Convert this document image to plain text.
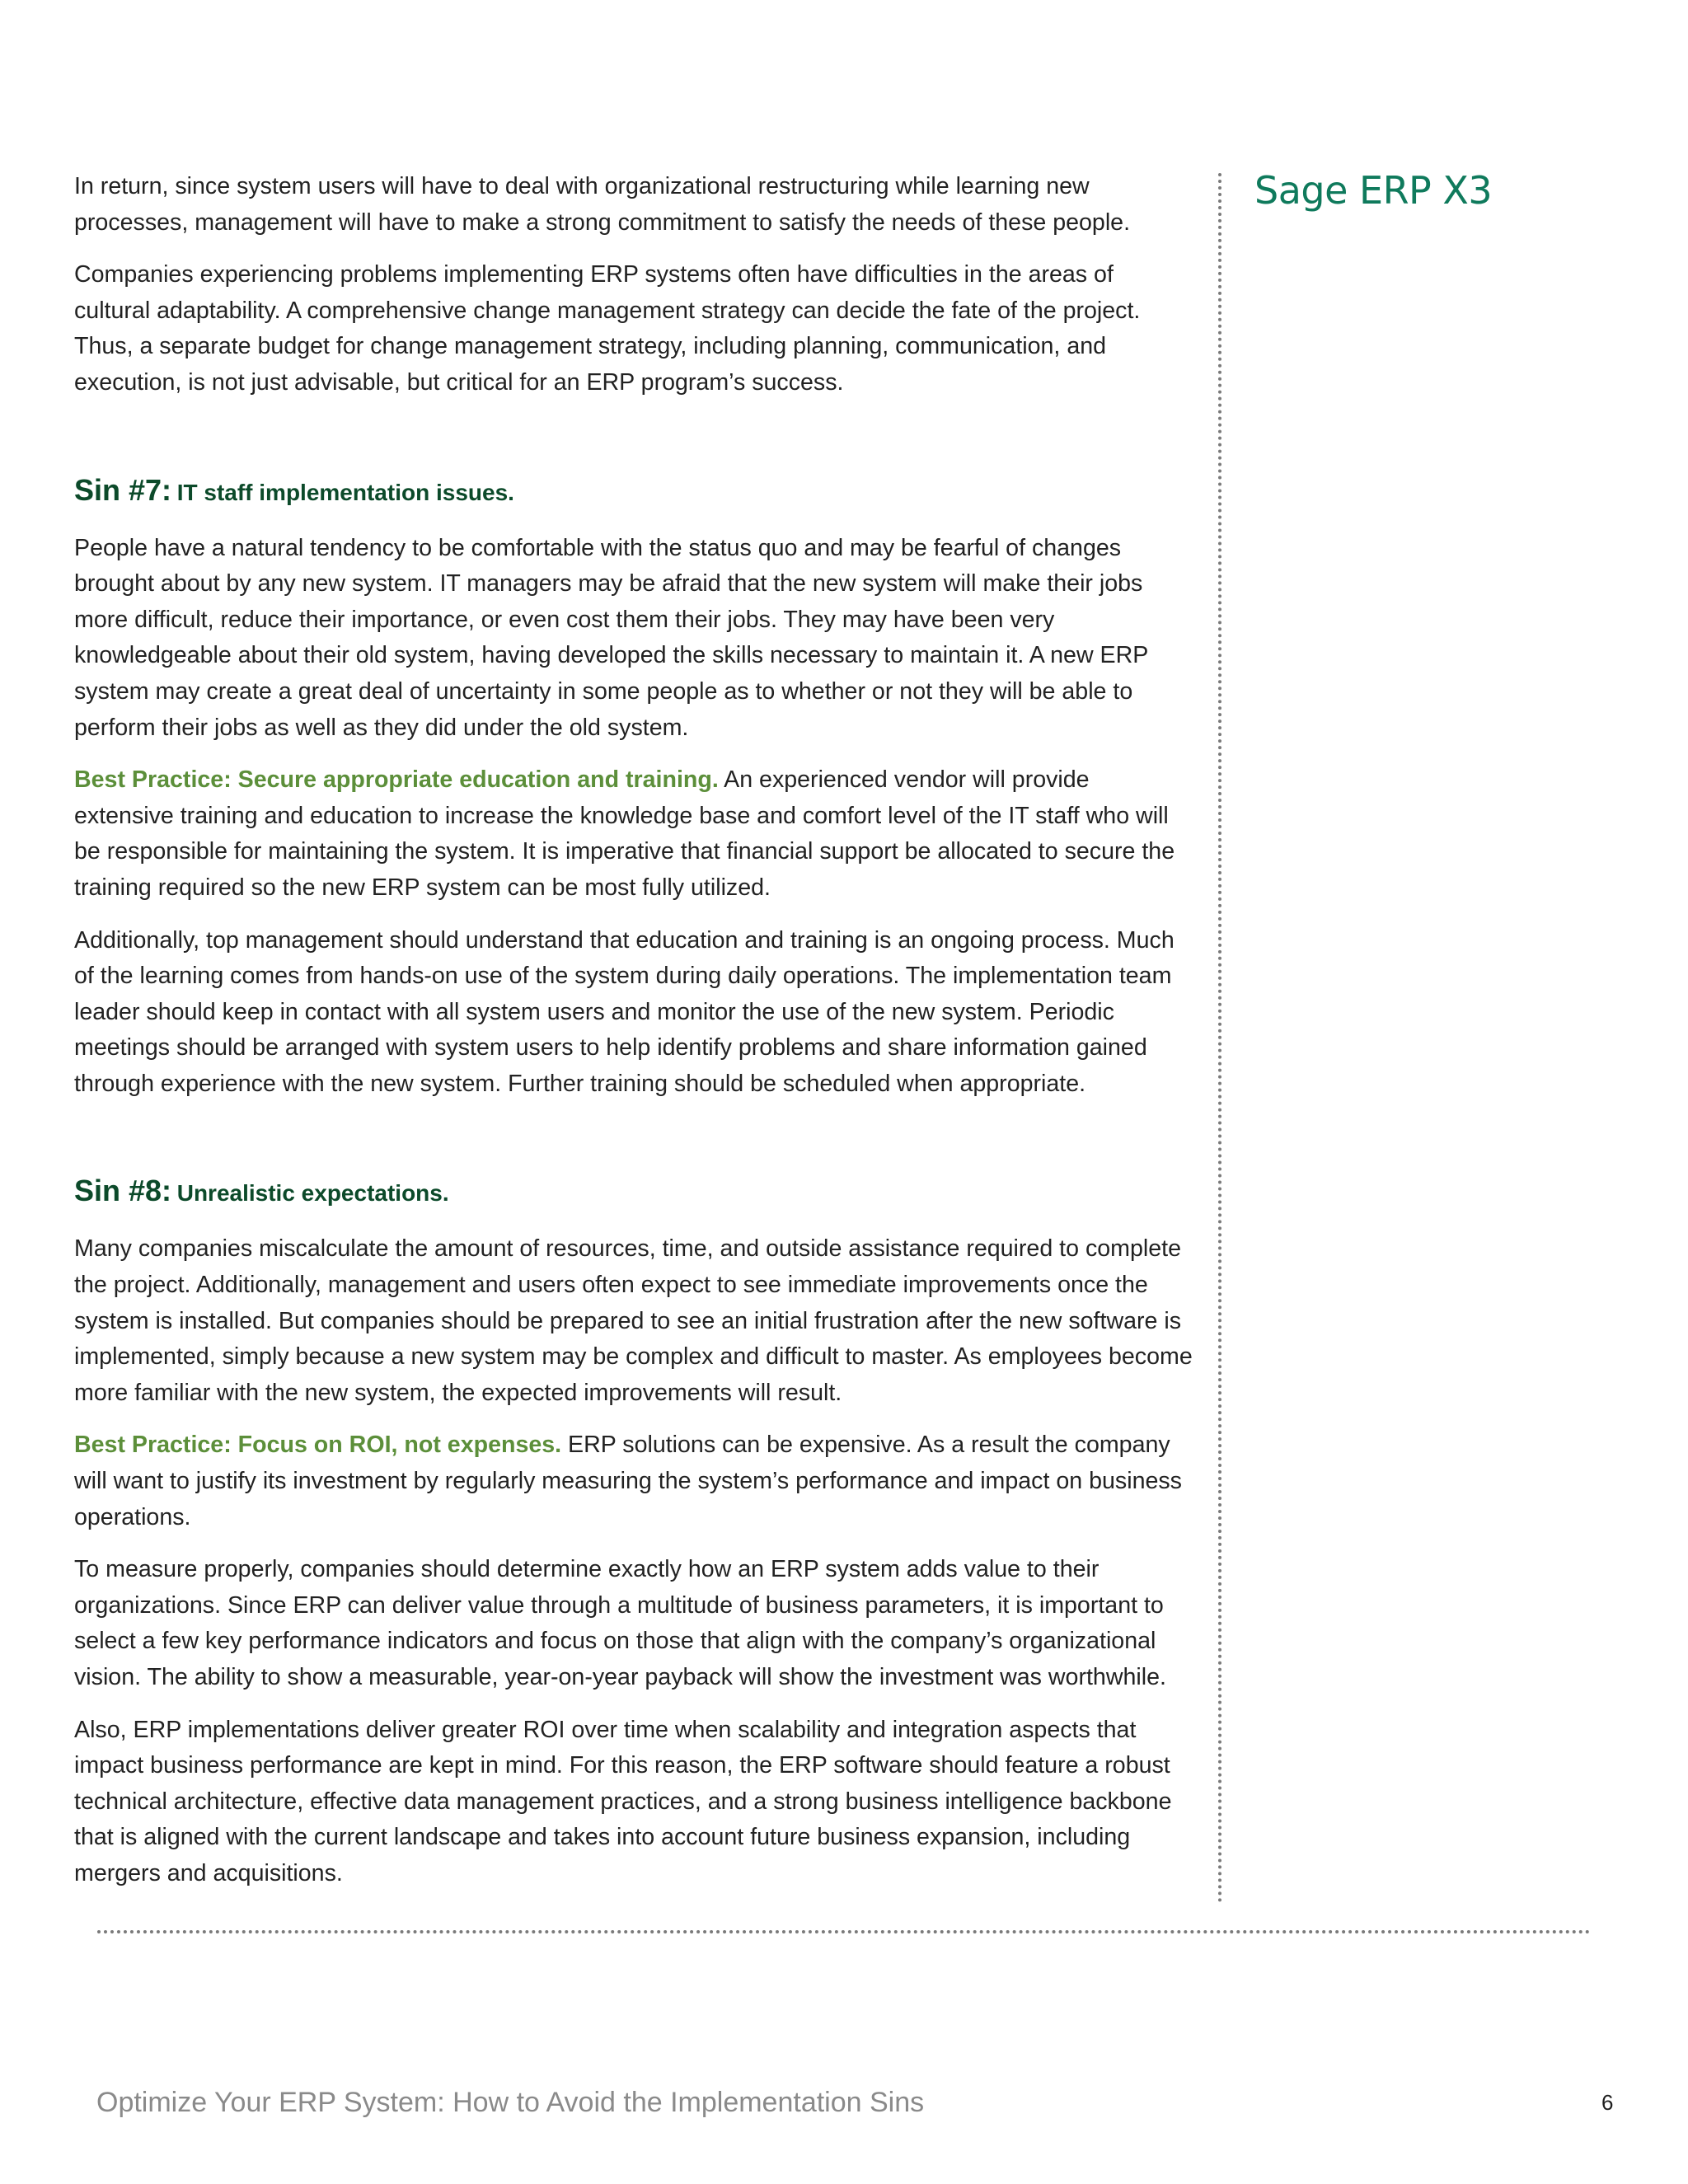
In return, since system users will have to deal with organizational restructuring while learning new processes, management will have to make a strong commitment to satisfy the needs of these people.

Companies experiencing problems implementing ERP systems often have difficulties in the areas of cultural adaptability. A comprehensive change management strategy can decide the fate of the project. Thus, a separate budget for change management strategy, including planning, communication, and execution, is not just advisable, but critical for an ERP program’s success.

Sin #7: IT staff implementation issues.

People have a natural tendency to be comfortable with the status quo and may be fearful of changes brought about by any new system. IT managers may be afraid that the new system will make their jobs more difficult, reduce their importance, or even cost them their jobs. They may have been very knowledgeable about their old system, having developed the skills necessary to maintain it. A new ERP system may create a great deal of uncertainty in some people as to whether or not they will be able to perform their jobs as well as they did under the old system.

Best Practice: Secure appropriate education and training. An experienced vendor will provide extensive training and education to increase the knowledge base and comfort level of the IT staff who will be responsible for maintaining the system. It is imperative that financial support be allocated to secure the training required so the new ERP system can be most fully utilized.

Additionally, top management should understand that education and training is an ongoing process. Much of the learning comes from hands-on use of the system during daily operations. The implementation team leader should keep in contact with all system users and monitor the use of the new system. Periodic meetings should be arranged with system users to help identify problems and share information gained through experience with the new system. Further training should be scheduled when appropriate.

Sin #8: Unrealistic expectations.

Many companies miscalculate the amount of resources, time, and outside assistance required to complete the project. Additionally, management and users often expect to see immediate improvements once the system is installed. But companies should be prepared to see an initial frustration after the new software is implemented, simply because a new system may be complex and difficult to master. As employees become more familiar with the new system, the expected improvements will result.

Best Practice: Focus on ROI, not expenses. ERP solutions can be expensive. As a result the company will want to justify its investment by regularly measuring the system’s performance and impact on business operations.

To measure properly, companies should determine exactly how an ERP system adds value to their organizations. Since ERP can deliver value through a multitude of business parameters, it is important to select a few key performance indicators and focus on those that align with the company’s organizational vision. The ability to show a measurable, year-on-year payback will show the investment was worthwhile.

Also, ERP implementations deliver greater ROI over time when scalability and integration aspects that impact business performance are kept in mind. For this reason, the ERP software should feature a robust technical architecture, effective data management practices, and a strong business intelligence backbone that is aligned with the current landscape and takes into account future business expansion, including mergers and acquisitions.

Sage ERP X3
Optimize Your ERP System: How to Avoid the Implementation Sins	6
